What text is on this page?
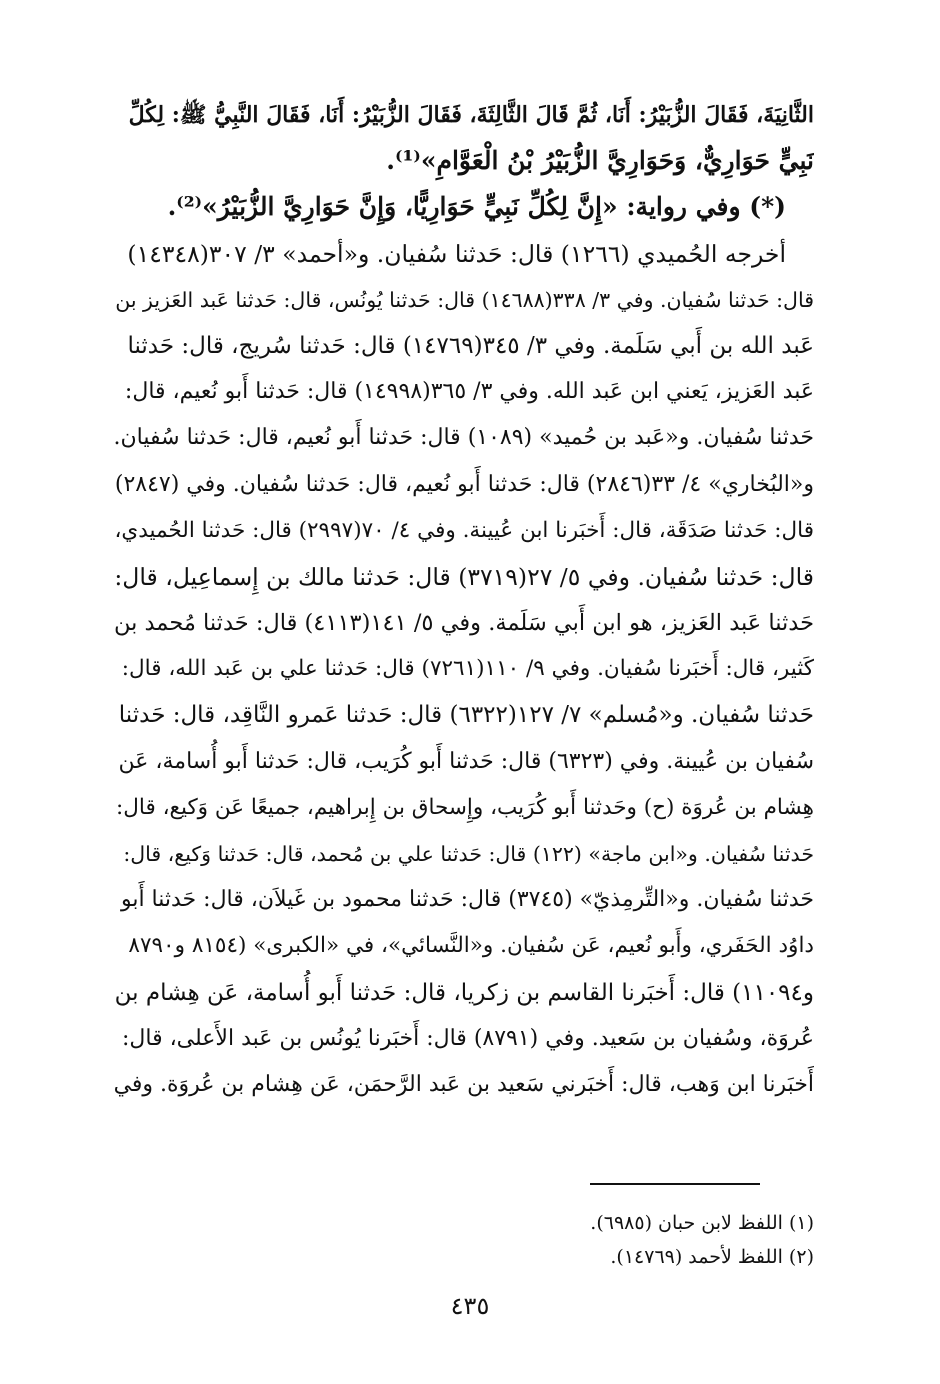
الثَّانِيَةَ، فَقَالَ الزُّبَيْرُ: أَنَا، ثُمَّ قَالَ الثَّالِثَةَ، فَقَالَ الزُّبَيْرُ: أَنَا، فَقَالَ النَّبِيُّ ﷺ: لِكُلِّ
نَبِيٍّ حَوَارِيٌّ، وَحَوَارِيَّ الزُّبَيْرُ بْنُ الْعَوَّامِ»⁽¹⁾.
(*) وفي رواية: «إِنَّ لِكُلِّ نَبِيٍّ حَوَارِيًّا، وَإِنَّ حَوَارِيَّ الزُّبَيْرُ»⁽²⁾.
أخرجه الحُميدي (١٢٦٦) قال: حَدثنا سُفيان. و«أحمد» ٣/ ٣٠٧(١٤٣٤٨)
قال: حَدثنا سُفيان. وفي ٣/ ٣٣٨(١٤٦٨٨) قال: حَدثنا يُونُس، قال: حَدثنا عَبد العَزيز بن
عَبد الله بن أَبي سَلَمة. وفي ٣/ ٣٤٥(١٤٧٦٩) قال: حَدثنا سُريج، قال: حَدثنا
عَبد العَزيز، يَعني ابن عَبد الله. وفي ٣/ ٣٦٥(١٤٩٩٨) قال: حَدثنا أَبو نُعيم، قال:
حَدثنا سُفيان. و«عَبد بن حُميد» (١٠٨٩) قال: حَدثنا أَبو نُعيم، قال: حَدثنا سُفيان.
و«البُخاري» ٤/ ٣٣(٢٨٤٦) قال: حَدثنا أَبو نُعيم، قال: حَدثنا سُفيان. وفي (٢٨٤٧)
قال: حَدثنا صَدَقَة، قال: أَخبَرنا ابن عُيينة. وفي ٤/ ٧٠(٢٩٩٧) قال: حَدثنا الحُميدي،
قال: حَدثنا سُفيان. وفي ٥/ ٢٧(٣٧١٩) قال: حَدثنا مالك بن إِسماعِيل، قال:
حَدثنا عَبد العَزيز، هو ابن أَبي سَلَمة. وفي ٥/ ١٤١(٤١١٣) قال: حَدثنا مُحمد بن
كَثير، قال: أَخبَرنا سُفيان. وفي ٩/ ١١٠(٧٢٦١) قال: حَدثنا علي بن عَبد الله، قال:
حَدثنا سُفيان. و«مُسلم» ٧/ ١٢٧(٦٣٢٢) قال: حَدثنا عَمرو النَّاقِد، قال: حَدثنا
سُفيان بن عُيينة. وفي (٦٣٢٣) قال: حَدثنا أَبو كُرَيب، قال: حَدثنا أَبو أُسامة، عَن
هِشام بن عُروَة (ح) وحَدثنا أَبو كُرَيب، وإِسحاق بن إِبراهيم، جميعًا عَن وَكيع، قال:
حَدثنا سُفيان. و«ابن ماجة» (١٢٢) قال: حَدثنا علي بن مُحمد، قال: حَدثنا وَكيع، قال:
حَدثنا سُفيان. و«التِّرمِذيّ» (٣٧٤٥) قال: حَدثنا محمود بن غَيلاَن، قال: حَدثنا أَبو
داوُد الحَفَري، وأَبو نُعيم، عَن سُفيان. و«النَّسائي»، في «الكبرى» (٨١٥٤ و٨٧٩٠
و١١٠٩٤) قال: أَخبَرنا القاسم بن زكريا، قال: حَدثنا أَبو أُسامة، عَن هِشام بن
عُروَة، وسُفيان بن سَعيد. وفي (٨٧٩١) قال: أَخبَرنا يُونُس بن عَبد الأَعلى، قال:
أَخبَرنا ابن وَهب، قال: أَخبَرني سَعيد بن عَبد الرَّحمَن، عَن هِشام بن عُروَة. وفي
(١) اللفظ لابن حبان (٦٩٨٥).
(٢) اللفظ لأحمد (١٤٧٦٩).
٤٣٥
